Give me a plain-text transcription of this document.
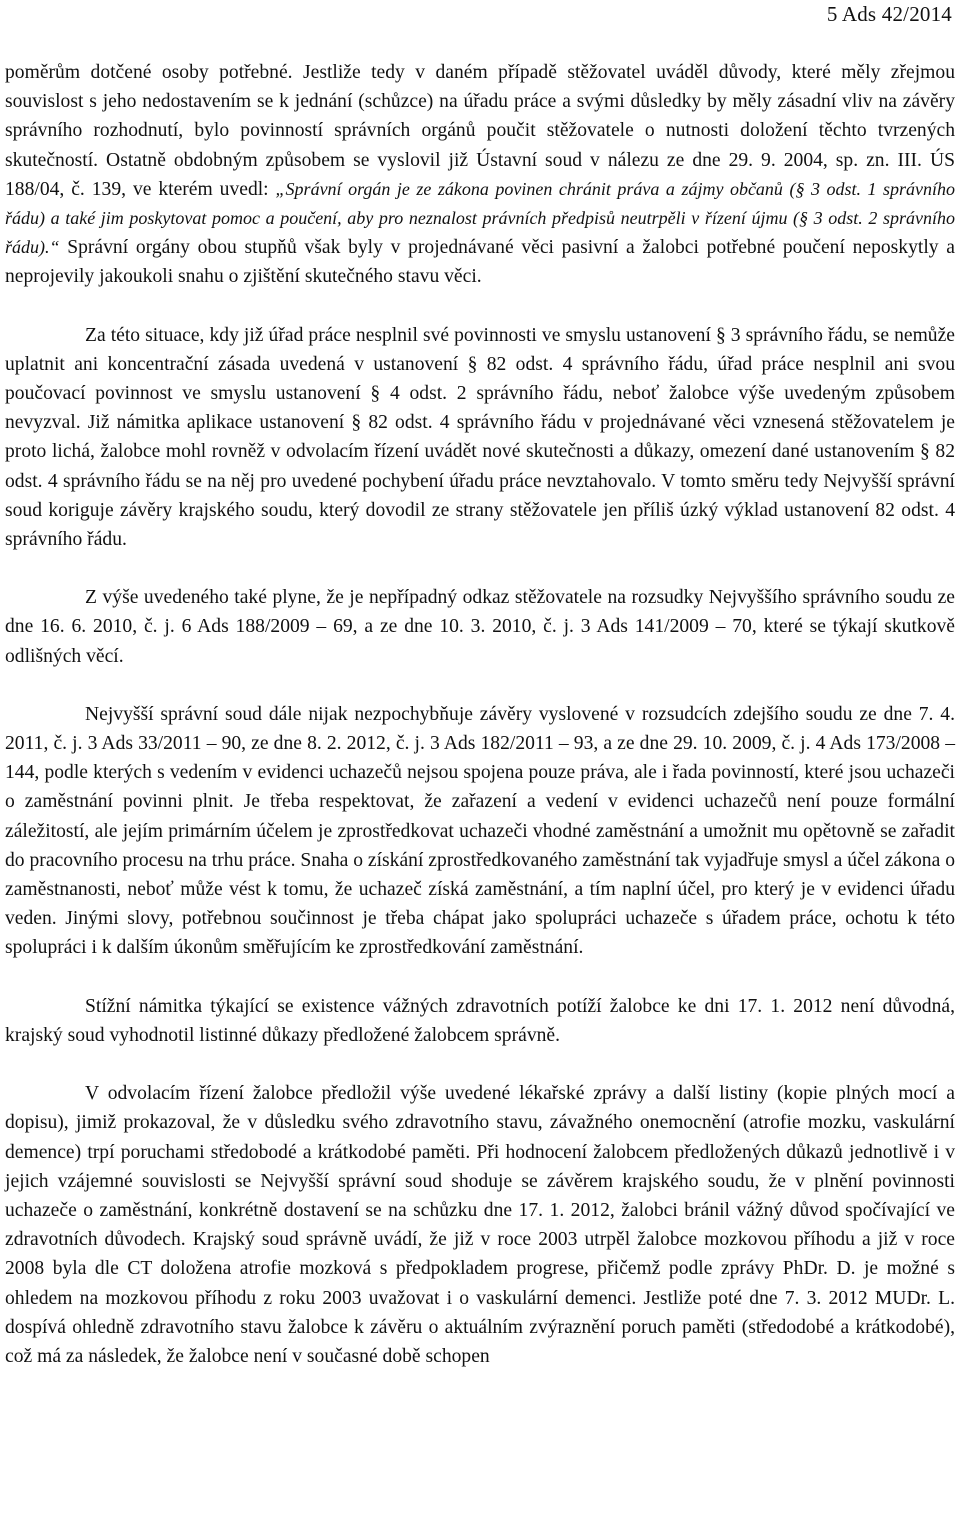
5 Ads 42/2014

poměrům dotčené osoby potřebné. Jestliže tedy v daném případě stěžovatel uváděl důvody, které měly zřejmou souvislost s jeho nedostavením se k jednání (schůzce) na úřadu práce a svými důsledky by měly zásadní vliv na závěry správního rozhodnutí, bylo povinností správních orgánů poučit stěžovatele o nutnosti doložení těchto tvrzených skutečností. Ostatně obdobným způsobem se vyslovil již Ústavní soud v nálezu ze dne 29. 9. 2004, sp. zn. III. ÚS 188/04, č. 139, ve kterém uvedl: „Správní orgán je ze zákona povinen chránit práva a zájmy občanů (§ 3 odst. 1 správního řádu) a také jim poskytovat pomoc a poučení, aby pro neznalost právních předpisů neutrpěli v řízení újmu (§ 3 odst. 2 správního řádu).“ Správní orgány obou stupňů však byly v projednávané věci pasivní a žalobci potřebné poučení neposkytly a neprojevily jakoukoli snahu o zjištění skutečného stavu věci.

Za této situace, kdy již úřad práce nesplnil své povinnosti ve smyslu ustanovení § 3 správního řádu, se nemůže uplatnit ani koncentrační zásada uvedená v ustanovení § 82 odst. 4 správního řádu, úřad práce nesplnil ani svou poučovací povinnost ve smyslu ustanovení § 4 odst. 2 správního řádu, neboť žalobce výše uvedeným způsobem nevyzval. Již námitka aplikace ustanovení § 82 odst. 4 správního řádu v projednávané věci vznesená stěžovatelem je proto lichá, žalobce mohl rovněž v odvolacím řízení uvádět nové skutečnosti a důkazy, omezení dané ustanovením § 82 odst. 4 správního řádu se na něj pro uvedené pochybení úřadu práce nevztahovalo. V tomto směru tedy Nejvyšší správní soud koriguje závěry krajského soudu, který dovodil ze strany stěžovatele jen příliš úzký výklad ustanovení 82 odst. 4 správního řádu.

Z výše uvedeného také plyne, že je nepřípadný odkaz stěžovatele na rozsudky Nejvyššího správního soudu ze dne 16. 6. 2010, č. j. 6 Ads 188/2009 – 69, a ze dne 10. 3. 2010, č. j. 3 Ads 141/2009 – 70, které se týkají skutkově odlišných věcí.

Nejvyšší správní soud dále nijak nezpochybňuje závěry vyslovené v rozsudcích zdejšího soudu ze dne 7. 4. 2011, č. j. 3 Ads 33/2011 – 90, ze dne 8. 2. 2012, č. j. 3 Ads 182/2011 – 93, a ze dne 29. 10. 2009, č. j. 4 Ads 173/2008 – 144, podle kterých s vedením v evidenci uchazečů nejsou spojena pouze práva, ale i řada povinností, které jsou uchazeči o zaměstnání povinni plnit. Je třeba respektovat, že zařazení a vedení v evidenci uchazečů není pouze formální záležitostí, ale jejím primárním účelem je zprostředkovat uchazeči vhodné zaměstnání a umožnit mu opětovně se zařadit do pracovního procesu na trhu práce. Snaha o získání zprostředkovaného zaměstnání tak vyjadřuje smysl a účel zákona o zaměstnanosti, neboť může vést k tomu, že uchazeč získá zaměstnání, a tím naplní účel, pro který je v evidenci úřadu veden. Jinými slovy, potřebnou součinnost je třeba chápat jako spolupráci uchazeče s úřadem práce, ochotu k této spolupráci i k dalším úkonům směřujícím ke zprostředkování zaměstnání.

Stížní námitka týkající se existence vážných zdravotních potíží žalobce ke dni 17. 1. 2012 není důvodná, krajský soud vyhodnotil listinné důkazy předložené žalobcem správně.

V odvolacím řízení žalobce předložil výše uvedené lékařské zprávy a další listiny (kopie plných mocí a dopisu), jimiž prokazoval, že v důsledku svého zdravotního stavu, závažného onemocnění (atrofie mozku, vaskulární demence) trpí poruchami středobodé a krátkodobé paměti. Při hodnocení žalobcem předložených důkazů jednotlivě i v jejich vzájemné souvislosti se Nejvyšší správní soud shoduje se závěrem krajského soudu, že v plnění povinnosti uchazeče o zaměstnání, konkrétně dostavení se na schůzku dne 17. 1. 2012, žalobci bránil vážný důvod spočívající ve zdravotních důvodech. Krajský soud správně uvádí, že již v roce 2003 utrpěl žalobce mozkovou příhodu a již v roce 2008 byla dle CT doložena atrofie mozková s předpokladem progrese, přičemž podle zprávy PhDr. D. je možné s ohledem na mozkovou příhodu z roku 2003 uvažovat i o vaskulární demenci. Jestliže poté dne 7. 3. 2012 MUDr. L. dospívá ohledně zdravotního stavu žalobce k závěru o aktuálním zvýraznění poruch paměti (středodobé a krátkodobé), což má za následek, že žalobce není v současné době schopen
